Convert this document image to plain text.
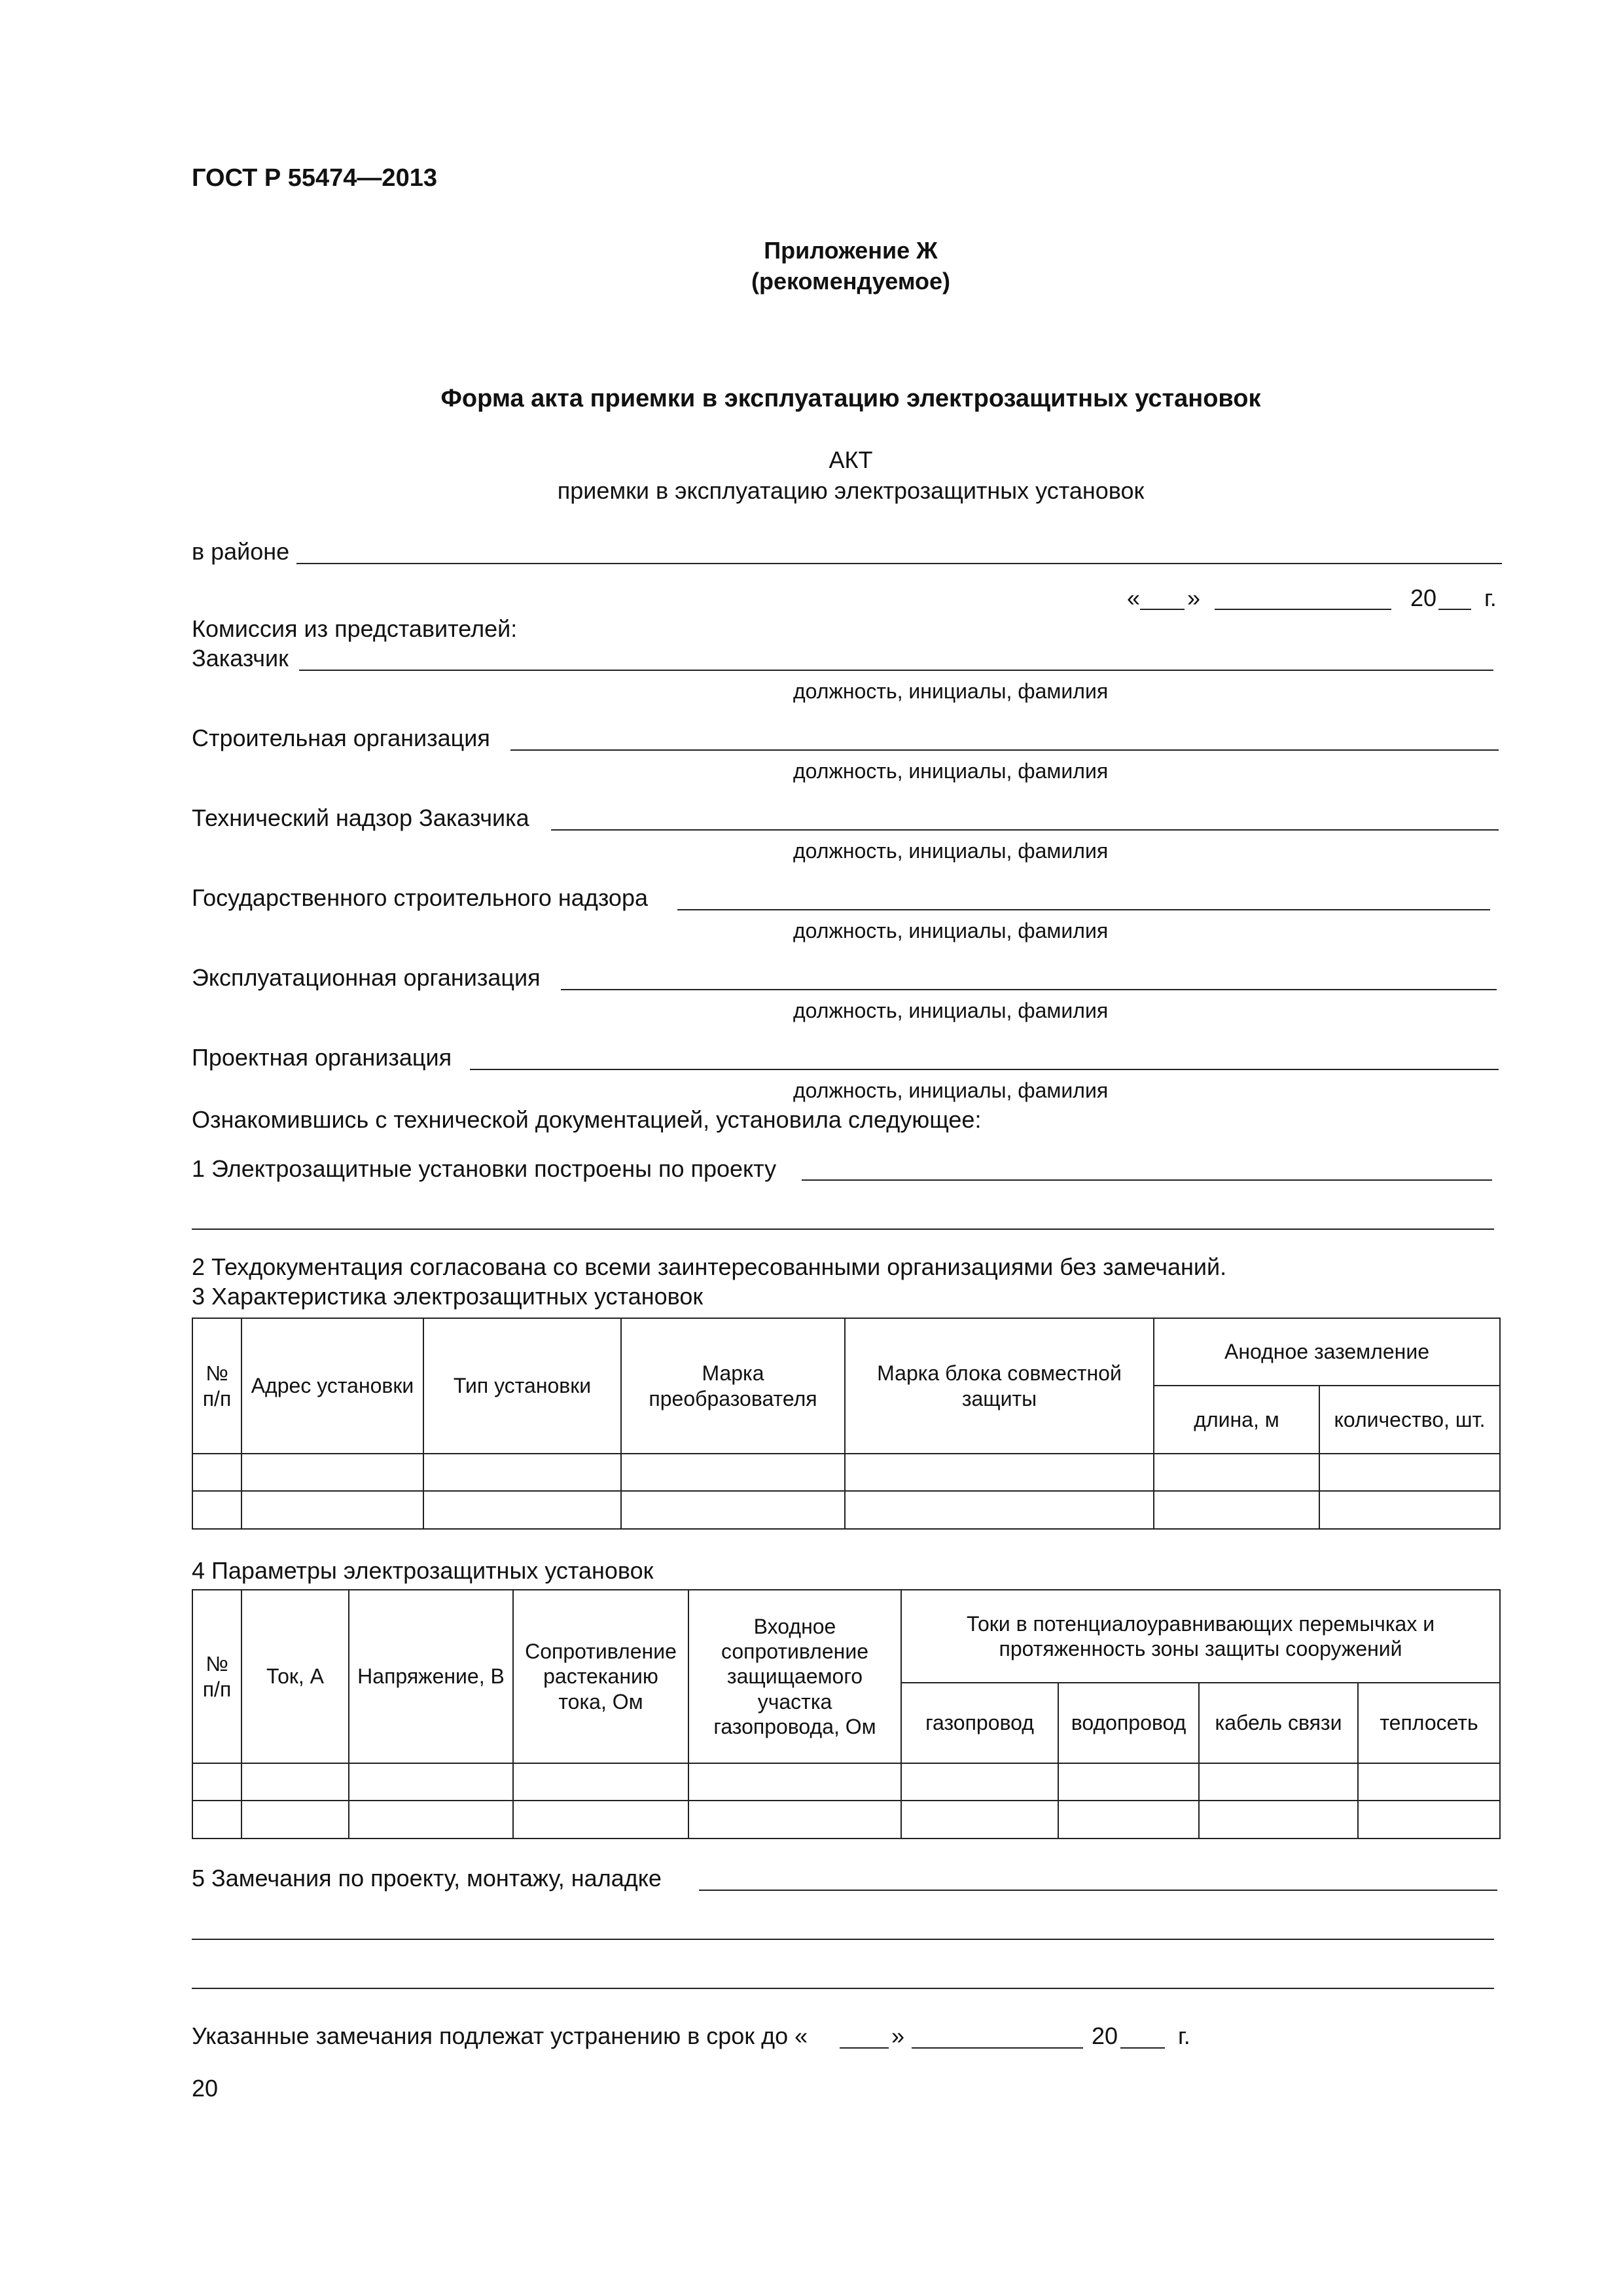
ГОСТ Р 55474—2013
Приложение Ж
(рекомендуемое)
Форма акта приемки в эксплуатацию электрозащитных установок
АКТ
приемки в эксплуатацию электрозащитных установок
в районе
« »	20 г.
Комиссия из представителей:
Заказчик
должность, инициалы, фамилия
Строительная организация
должность, инициалы, фамилия
Технический надзор Заказчика
должность, инициалы, фамилия
Государственного строительного надзора
должность, инициалы, фамилия
Эксплуатационная организация
должность, инициалы, фамилия
Проектная организация
должность, инициалы, фамилия
Ознакомившись с технической документацией, установила следующее:
1 Электрозащитные установки построены по проекту
2 Техдокументация согласована со всеми заинтересованными организациями без замечаний.
3 Характеристика электрозащитных установок
№ п/п	Адрес установки	Тип установки	Марка преобразователя	Марка блока совместной защиты	Анодное заземление	
					длина, м	количество, шт.

4 Параметры электрозащитных установок
№ п/п	Ток, А	Напряжение, В	Сопротивление растеканию тока, Ом	Входное сопротивление защищаемого участка газопровода, Ом	Токи в потенциалоуравнивающих перемычках и протяженность зоны защиты сооружений			
					газопровод	водопровод	кабель связи	теплосеть

5 Замечания по проекту, монтажу, наладке
Указанные замечания подлежат устранению в срок до «	»	20	г.
20
